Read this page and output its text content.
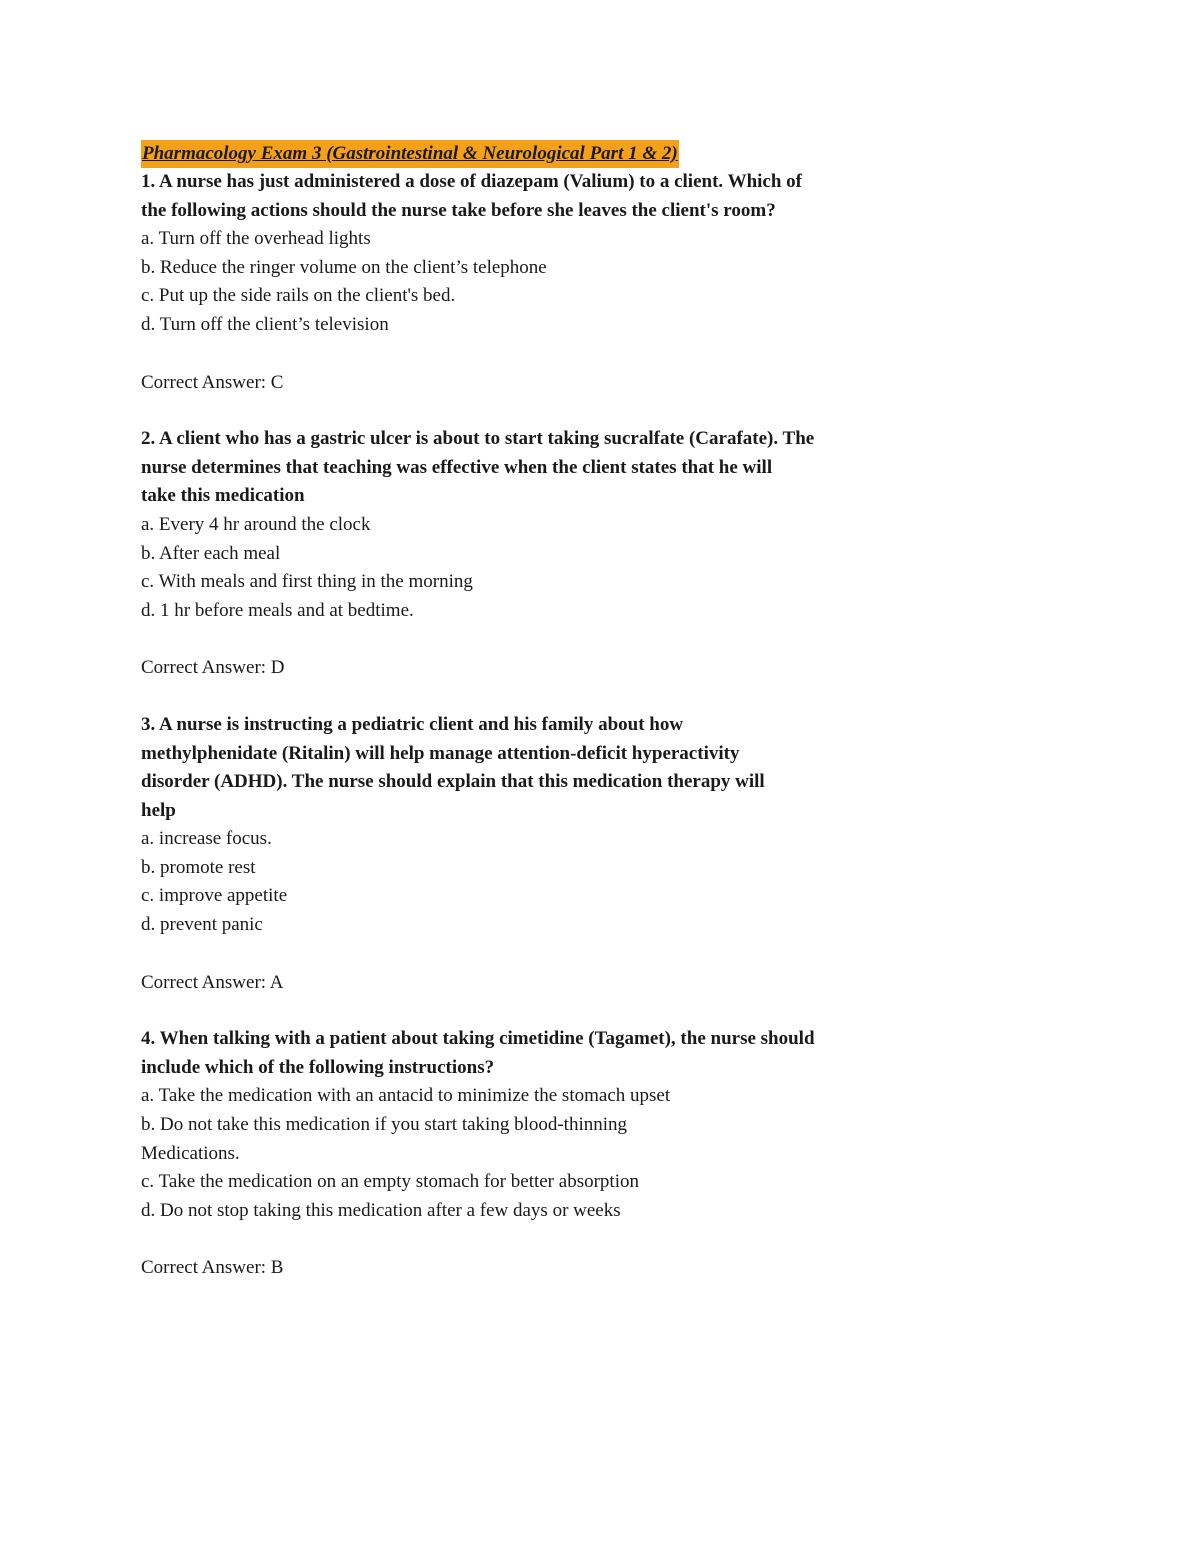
Pharmacology Exam 3 (Gastrointestinal & Neurological Part 1 & 2)
1. A nurse has just administered a dose of diazepam (Valium) to a client. Which of
the following actions should the nurse take before she leaves the client's room?
a. Turn off the overhead lights
b. Reduce the ringer volume on the client’s telephone
c. Put up the side rails on the client's bed.
d. Turn off the client’s television
Correct Answer: C
2. A client who has a gastric ulcer is about to start taking sucralfate (Carafate). The
nurse determines that teaching was effective when the client states that he will
take this medication
a. Every 4 hr around the clock
b. After each meal
c. With meals and first thing in the morning
d. 1 hr before meals and at bedtime.
Correct Answer: D
3. A nurse is instructing a pediatric client and his family about how
methylphenidate (Ritalin) will help manage attention-deficit hyperactivity
disorder (ADHD). The nurse should explain that this medication therapy will
help
a. increase focus.
b. promote rest
c. improve appetite
d. prevent panic
Correct Answer: A
4. When talking with a patient about taking cimetidine (Tagamet), the nurse should
include which of the following instructions?
a. Take the medication with an antacid to minimize the stomach upset
b. Do not take this medication if you start taking blood-thinning
Medications.
c. Take the medication on an empty stomach for better absorption
d. Do not stop taking this medication after a few days or weeks
Correct Answer: B
